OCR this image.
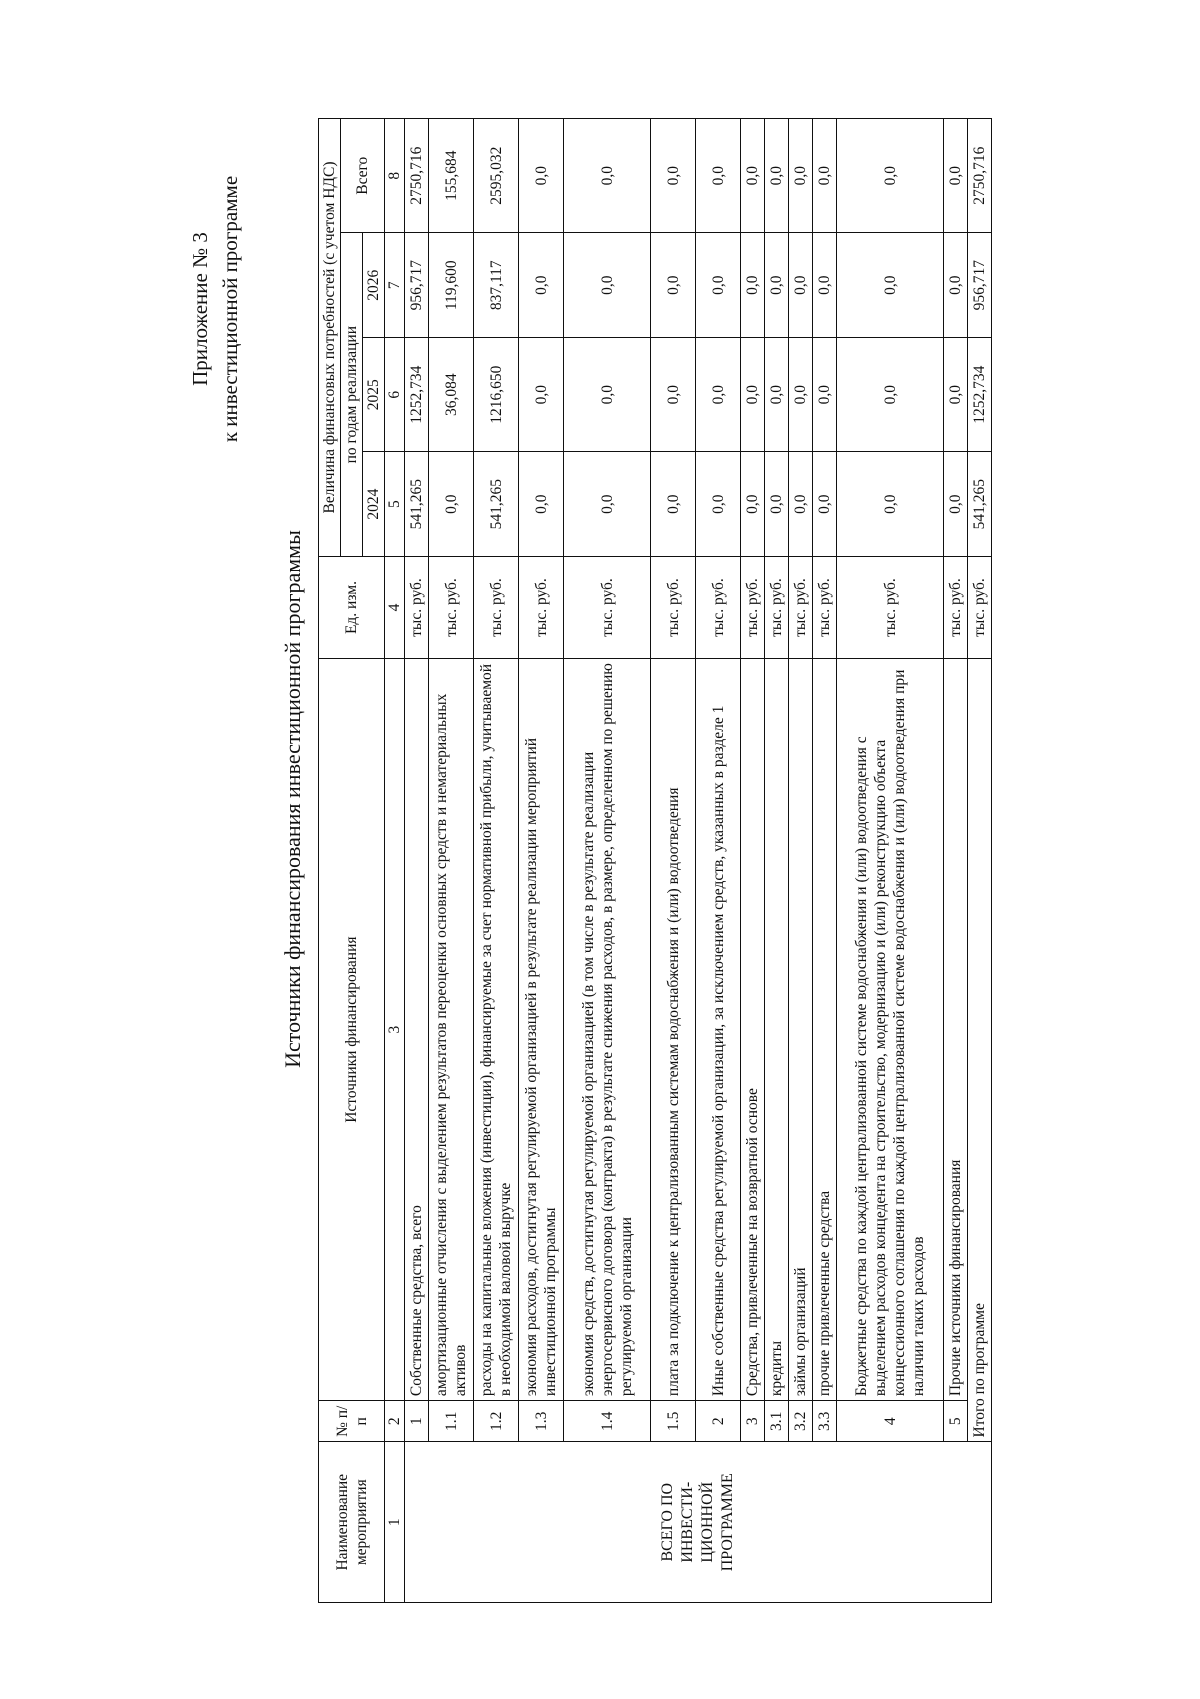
Приложение № 3 к инвестиционной программе
Источники финансирования инвестиционной программы
Наименование мероприятия	№ п/п	Источники финансирования	Ед. изм.	Величина финансовых потребностей (с учетом НДС)			
				по годам реализации			Всего
				2024	2025	2026	
1	2	3	4	5	6	7	8
ВСЕГО ПО ИНВЕСТИ-ЦИОННОЙ ПРОГРАММЕ	1	Собственные средства, всего	тыс. руб.	541,265	1252,734	956,717	2750,716
	1.1	амортизационные отчисления с выделением результатов переоценки основных средств и нематериальных активов	тыс. руб.	0,0	36,084	119,600	155,684
	1.2	расходы на капитальные вложения (инвестиции), финансируемые за счет нормативной прибыли, учитываемой в необходимой валовой выручке	тыс. руб.	541,265	1216,650	837,117	2595,032
	1.3	экономия расходов, достигнутая регулируемой организацией в результате реализации мероприятий инвестиционной программы	тыс. руб.	0,0	0,0	0,0	0,0
	1.4	экономия средств, достигнутая регулируемой организацией (в том числе в результате реализации энергосервисного договора (контракта) в результате снижения расходов, в размере, определенном по решению регулируемой организации	тыс. руб.	0,0	0,0	0,0	0,0
	1.5	плата за подключение к централизованным системам водоснабжения и (или) водоотведения	тыс. руб.	0,0	0,0	0,0	0,0
	2	Иные собственные средства регулируемой организации, за исключением средств, указанных в разделе 1	тыс. руб.	0,0	0,0	0,0	0,0
	3	Средства, привлеченные на возвратной основе	тыс. руб.	0,0	0,0	0,0	0,0
	3.1	кредиты	тыс. руб.	0,0	0,0	0,0	0,0
	3.2	займы организаций	тыс. руб.	0,0	0,0	0,0	0,0
	3.3	прочие привлеченные средства	тыс. руб.	0,0	0,0	0,0	0,0
	4	Бюджетные средства по каждой централизованной системе водоснабжения и (или) водоотведения с выделением расходов концедента на строительство, модернизацию и (или) реконструкцию объекта концессионного соглашения по каждой централизованной системе водоснабжения и (или) водоотведения при наличии таких расходов	тыс. руб.	0,0	0,0	0,0	0,0
	5	Прочие источники финансирования	тыс. руб.	0,0	0,0	0,0	0,0
	Итого по программе		тыс. руб.	541,265	1252,734	956,717	2750,716
